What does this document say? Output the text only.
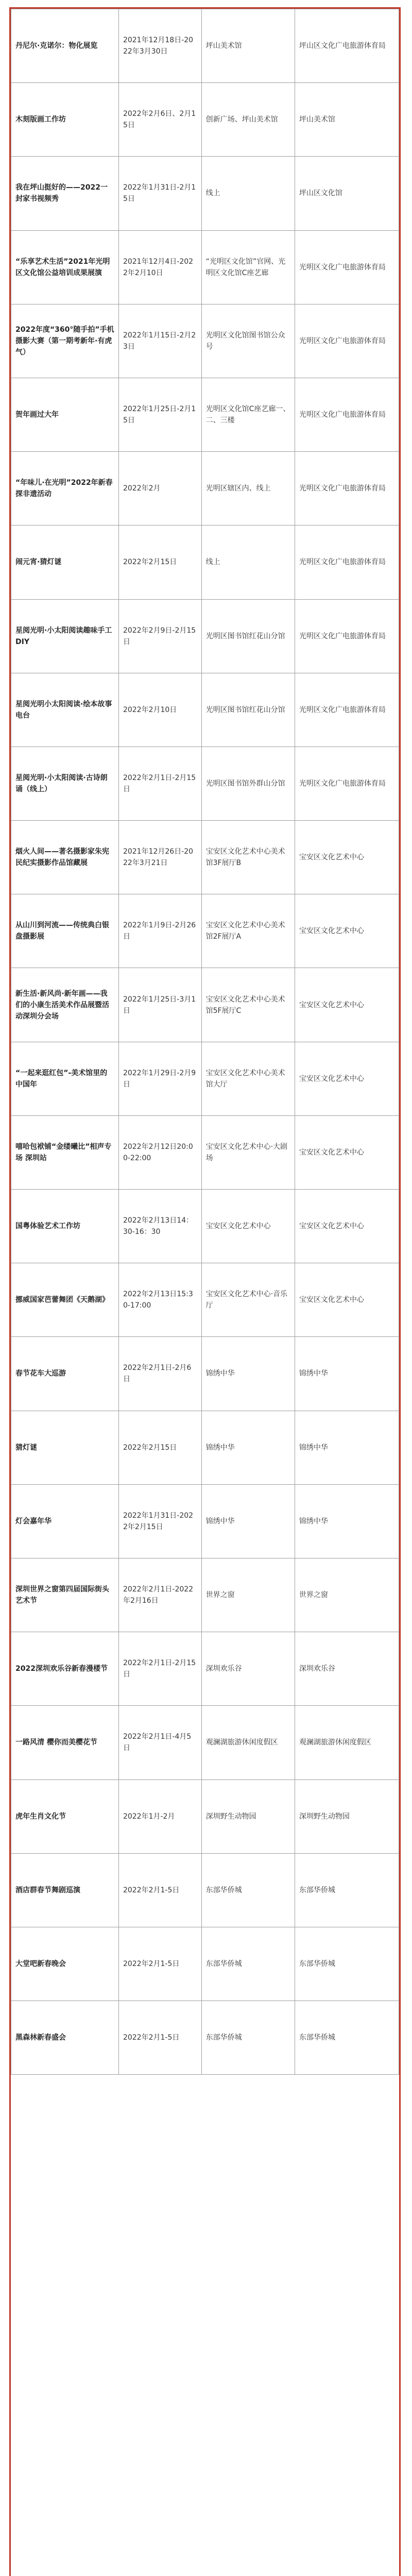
丹尼尔·克诺尔：物化展览	2021年12月18日-2022年3月30日	坪山美术馆	坪山区文化广电旅游体育局
木刻版画工作坊	2022年2月6日、2月15日	创新广场、坪山美术馆	坪山美术馆
我在坪山挺好的——2022一封家书视频秀	2022年1月31日-2月15日	线上	坪山区文化馆
“乐享艺术生活”2021年光明区文化馆公益培训成果展演	2021年12月4日-2022年2月10日	“光明区文化馆”官网、光明区文化馆C座艺廊	光明区文化广电旅游体育局
2022年度“360°随手拍”手机摄影大赛（第一期考新年·有虎气）	2022年1月15日-2月23日	光明区文化馆图书馆公众号	光明区文化广电旅游体育局
贺年画过大年	2022年1月25日-2月15日	光明区文化馆C座艺廊一、二、三楼	光明区文化广电旅游体育局
“年味儿·在光明”2022年新春探非遗活动	2022年2月	光明区辖区内、线上	光明区文化广电旅游体育局
闹元宵·猜灯谜	2022年2月15日	线上	光明区文化广电旅游体育局
星阅光明·小太阳阅读趣味手工DIY	2022年2月9日-2月15日	光明区图书馆红花山分馆	光明区文化广电旅游体育局
星阅光明小太阳阅读·绘本故事电台	2022年2月10日	光明区图书馆红花山分馆	光明区文化广电旅游体育局
星阅光明·小太阳阅读·古诗朗诵（线上）	2022年2月1日-2月15日	光明区图书馆外群山分馆	光明区文化广电旅游体育局
烟火人间——著名摄影家朱宪民纪实摄影作品馆藏展	2021年12月26日-2022年3月21日	宝安区文化艺术中心美术馆3F展厅B	宝安区文化艺术中心
从山川到河流——传统典白银盘摄影展	2022年1月9日-2月26日	宝安区文化艺术中心美术馆2F展厅A	宝安区文化艺术中心
新生活·新风尚·新年画——我们的小康生活美术作品展暨活动深圳分会场	2022年1月25日-3月1日	宝安区文化艺术中心美术馆5F展厅C	宝安区文化艺术中心
“一起来逛红包”-美术馆里的中国年	2022年1月29日-2月9日	宝安区文化艺术中心美术馆大厅	宝安区文化艺术中心
嘻哈包袱铺“金缕曦比”相声专场 深圳站	2022年2月12日20:00-22:00	宝安区文化艺术中心·大剧场	宝安区文化艺术中心
国粤体验艺术工作坊	2022年2月13日14：30-16：30	宝安区文化艺术中心	宝安区文化艺术中心
挪威国家芭蕾舞团《天鹅湖》	2022年2月13日15:30-17:00	宝安区文化艺术中心·音乐厅	宝安区文化艺术中心
春节花车大巡游	2022年2月1日-2月6日	锦绣中华	锦绣中华
猜灯谜	2022年2月15日	锦绣中华	锦绣中华
灯会嘉年华	2022年1月31日-2022年2月15日	锦绣中华	锦绣中华
深圳世界之窗第四届国际街头艺术节	2022年2月1日-2022年2月16日	世界之窗	世界之窗
2022深圳欢乐谷新春漫楼节	2022年2月1日-2月15日	深圳欢乐谷	深圳欢乐谷
一路风清 樱你而美樱花节	2022年2月1日-4月5日	观澜湖旅游休闲度假区	观澜湖旅游休闲度假区
虎年生肖文化节	2022年1月-2月	深圳野生动物园	深圳野生动物园
酒店群春节舞剧巡演	2022年2月1-5日	东部华侨城	东部华侨城
大堂吧新春晚会	2022年2月1-5日	东部华侨城	东部华侨城
黑森林新春盛会	2022年2月1-5日	东部华侨城	东部华侨城
